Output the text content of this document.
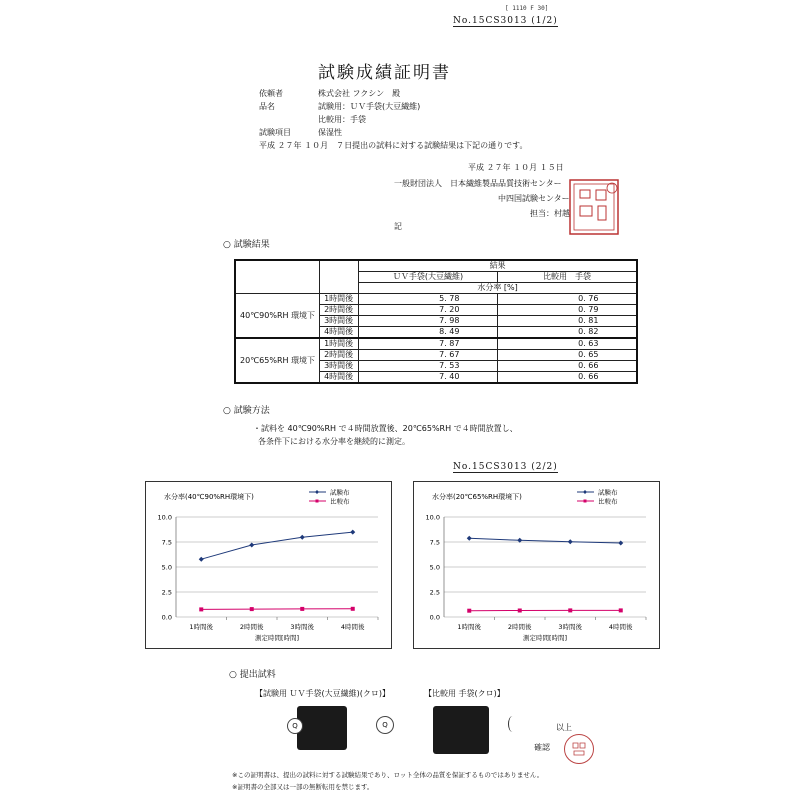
[ 1110 F 30]
No.15CS3013 (1/2)
試験成績証明書
依頼者	株式会社 フクシン　殿
品名	試験用：ＵＶ手袋(大豆繊維)
比較用：手袋
試験項目	保湿性
平成 ２７年 １０月　７日提出の試料に対する試験結果は下記の通りです。
平成 ２７年 １０月 １５日
一般財団法人　日本繊維製品品質技術センター
中四国試験センター
担当：村越
記
○ 試験結果
		結果	
		ＵＶ手袋(大豆繊維)	比較用　手袋
		水分率 [%]	
40℃90%RH 環境下	1時間後	5. 78	0. 76
	2時間後	7. 20	0. 79
	3時間後	7. 98	0. 81
	4時間後	8. 49	0. 82
20℃65%RH 環境下	1時間後	7. 87	0. 63
	2時間後	7. 67	0. 65
	3時間後	7. 53	0. 66
	4時間後	7. 40	0. 66
○ 試験方法
・試料を 40℃90%RH で４時間放置後、20℃65%RH で４時間放置し、
各条件下における水分率を継続的に測定。
No.15CS3013 (2/2)
水分率(40℃90%RH環境下)
0.0
2.5
5.0
7.5
10.0
1時間後	2時間後	3時間後	4時間後
測定時間[時間]
試験布
比較布
水分率(20℃65%RH環境下)
0.0
2.5
5.0
7.5
10.0
1時間後	2時間後	3時間後	4時間後
測定時間[時間]
試験布
比較布
○ 提出試料
【試験用 ＵＶ手袋(大豆繊維)(クロ)】	【比較用 手袋(クロ)】
Q	Q	以上
確認
※この証明書は、提出の試料に対する試験結果であり、ロット全体の品質を保証するものではありません。
※証明書の全部又は一部の無断転用を禁じます。
